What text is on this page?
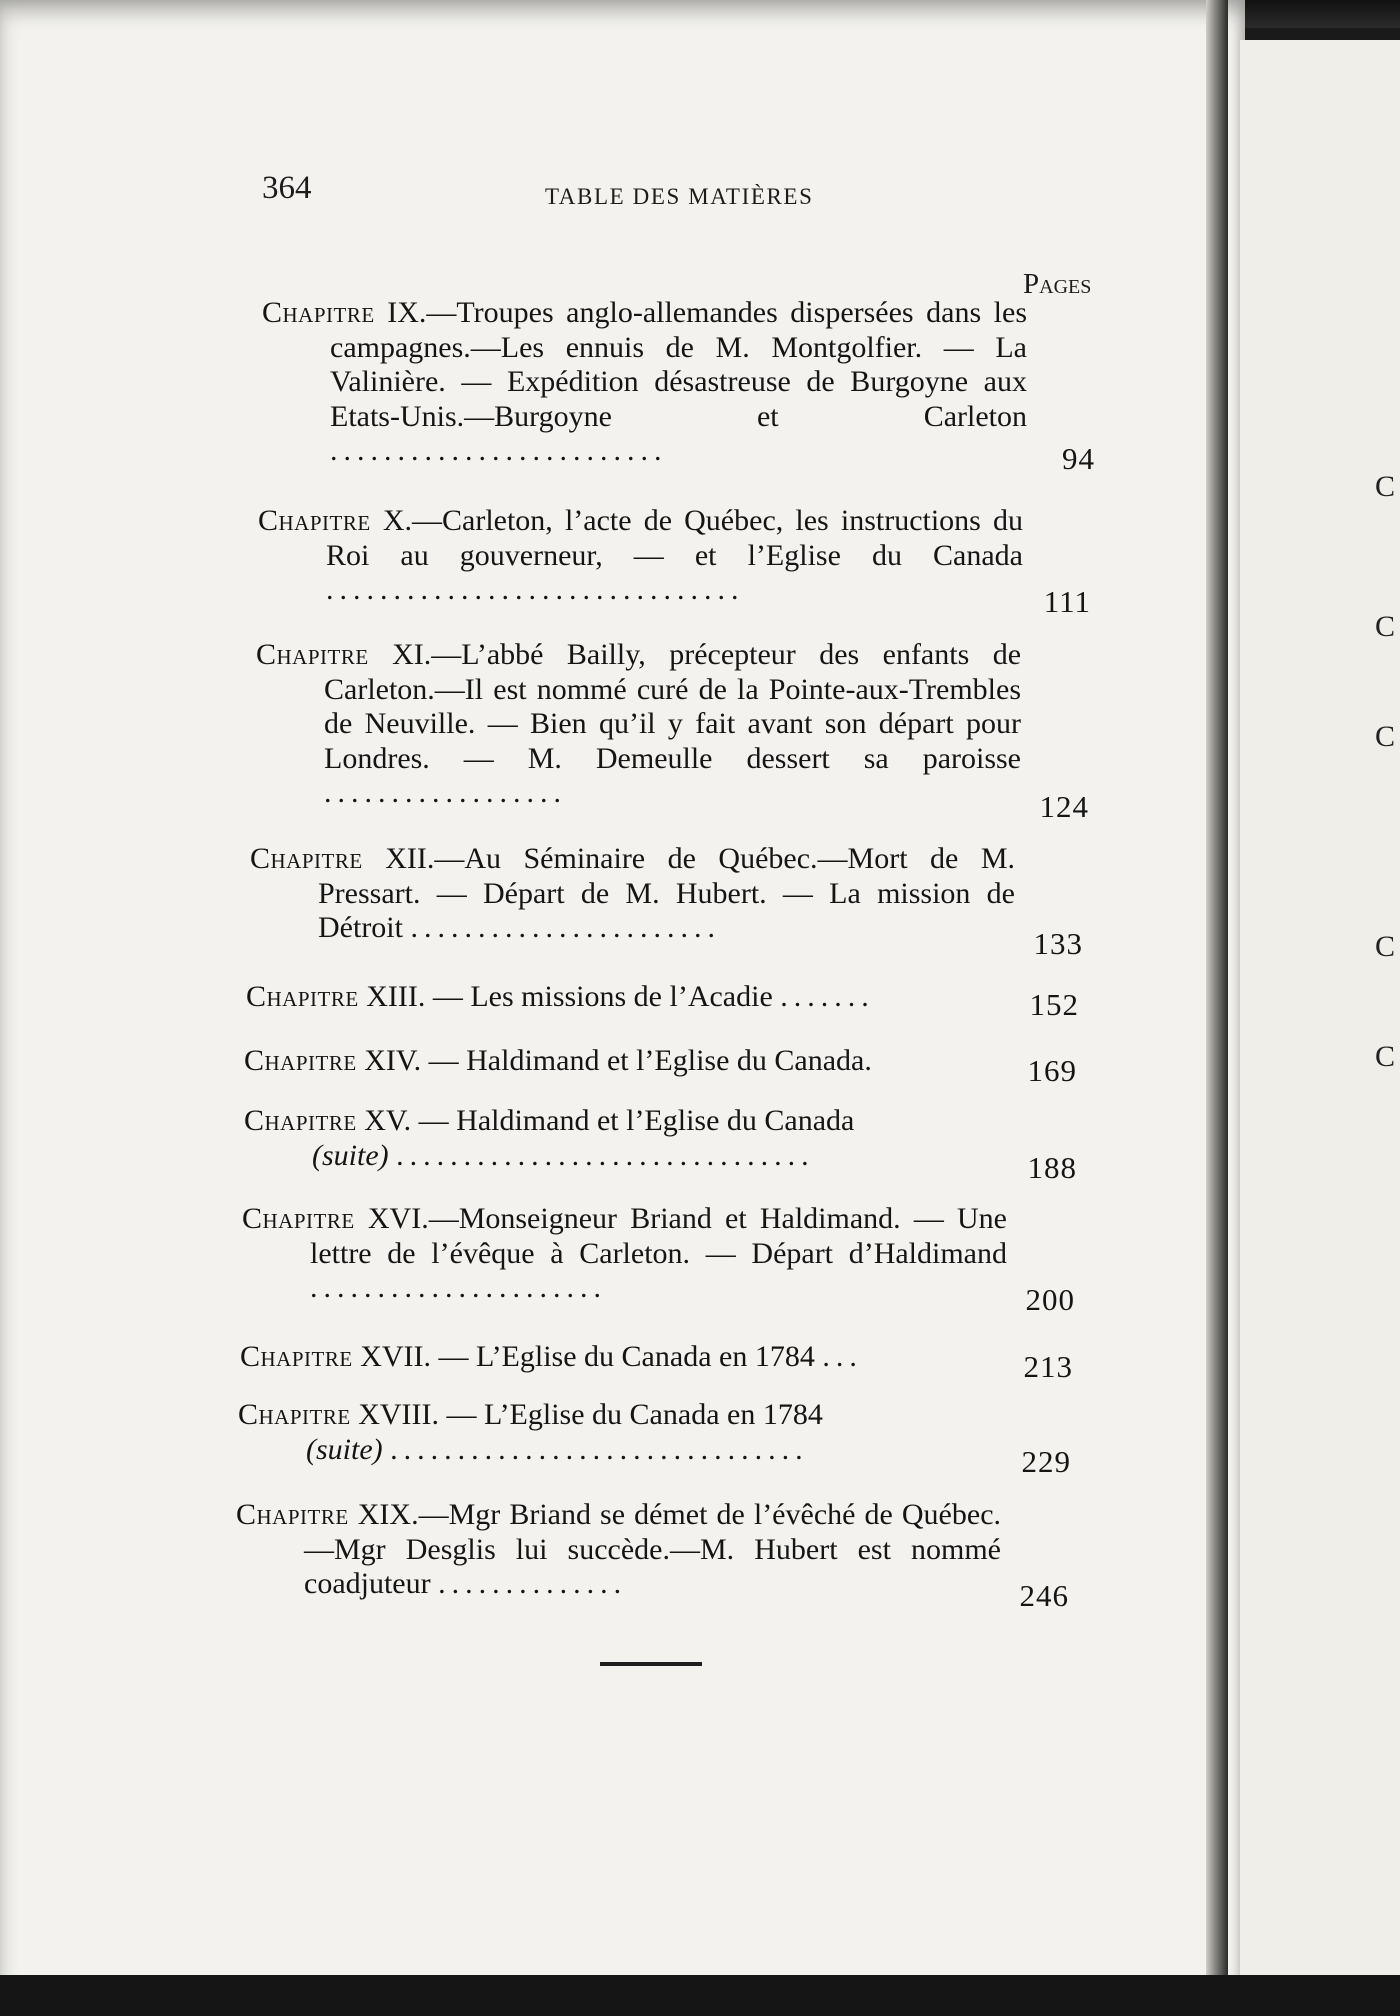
364	TABLE DES MATIÈRES
Pages
Chapitre IX.—Troupes anglo-allemandes dispersées dans les campagnes.—Les ennuis de M. Montgolfier. — La Valinière. — Expédition désastreuse de Burgoyne aux Etats-Unis.—Burgoyne et Carleton .........................	94
Chapitre X.—Carleton, l’acte de Québec, les instructions du Roi au gouverneur, — et l’Eglise du Canada ...............................	111
Chapitre XI.—L’abbé Bailly, précepteur des enfants de Carleton.—Il est nommé curé de la Pointe-aux-Trembles de Neuville. — Bien qu’il y fait avant son départ pour Londres. — M. Demeulle dessert sa paroisse ..................	124
Chapitre XII.—Au Séminaire de Québec.—Mort de M. Pressart. — Départ de M. Hubert. — La mission de Détroit .......................	133
Chapitre XIII. — Les missions de l’Acadie .......	152
Chapitre XIV. — Haldimand et l’Eglise du Canada.	169
Chapitre XV. — Haldimand et l’Eglise du Canada
(suite) ...............................	188
Chapitre XVI.—Monseigneur Briand et Haldimand. — Une lettre de l’évêque à Carleton. — Départ d’Haldimand ......................	200
Chapitre XVII. — L’Eglise du Canada en 1784 ...	213
Chapitre XVIII. — L’Eglise du Canada en 1784
(suite) ...............................	229
Chapitre XIX.—Mgr Briand se démet de l’évêché de Québec.—Mgr Desglis lui succède.—M. Hubert est nommé coadjuteur ..............	246
C
C
C
C
C
